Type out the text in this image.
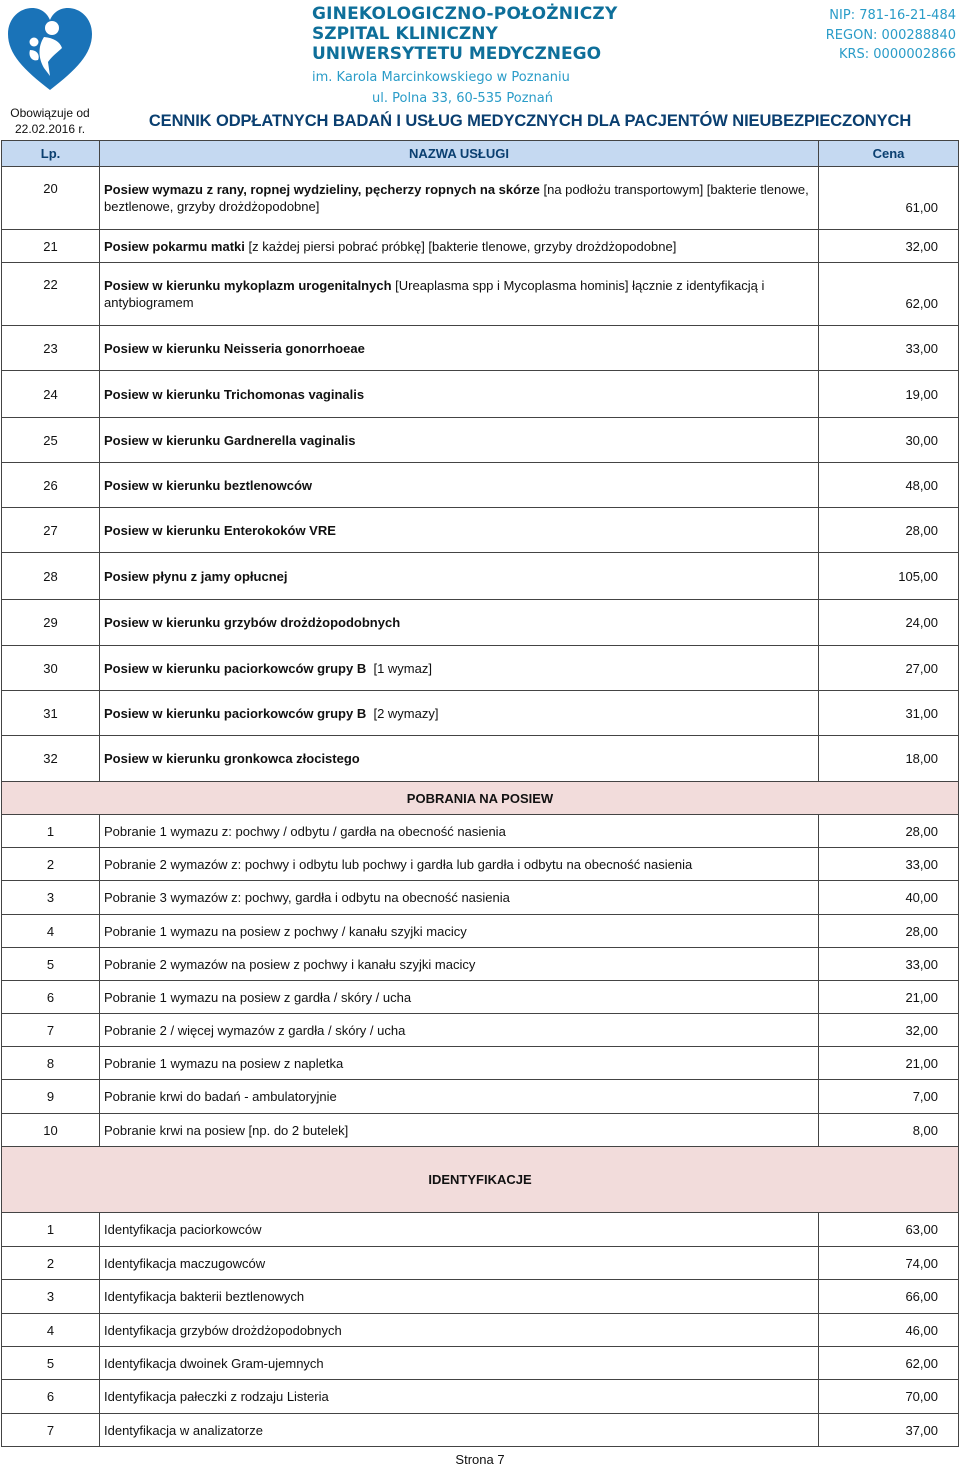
GINEKOLOGICZNO-POŁOŻNICZY
SZPITAL KLINICZNY
UNIWERSYTETU MEDYCZNEGO
im. Karola Marcinkowskiego w Poznaniu
ul. Polna 33, 60-535 Poznań
NIP: 781-16-21-484
REGON: 000288840
KRS: 0000002866
Obowiązuje od
22.02.2016 r.	CENNIK ODPŁATNYCH BADAŃ I USŁUG MEDYCZNYCH DLA PACJENTÓW NIEUBEZPIECZONYCH
Lp.	NAZWA USŁUGI	Cena
20	Posiew wymazu z rany, ropnej wydzieliny, pęcherzy ropnych na skórze [na podłożu transportowym] [bakterie tlenowe, beztlenowe, grzyby drożdżopodobne]	61,00
21	Posiew pokarmu matki [z każdej piersi pobrać próbkę] [bakterie tlenowe, grzyby drożdżopodobne]	32,00
22	Posiew w kierunku mykoplazm urogenitalnych [Ureaplasma spp i Mycoplasma hominis] łącznie z identyfikacją i antybiogramem	62,00
23	Posiew w kierunku Neisseria gonorrhoeae	33,00
24	Posiew w kierunku Trichomonas vaginalis	19,00
25	Posiew w kierunku Gardnerella vaginalis	30,00
26	Posiew w kierunku beztlenowców	48,00
27	Posiew w kierunku Enterokoków VRE	28,00
28	Posiew płynu z jamy opłucnej	105,00
29	Posiew w kierunku grzybów drożdżopodobnych	24,00
30	Posiew w kierunku paciorkowców grupy B  [1 wymaz]	27,00
31	Posiew w kierunku paciorkowców grupy B  [2 wymazy]	31,00
32	Posiew w kierunku gronkowca złocistego	18,00
POBRANIA NA POSIEW
1	Pobranie 1 wymazu z: pochwy / odbytu / gardła na obecność nasienia	28,00
2	Pobranie 2 wymazów z: pochwy i odbytu lub pochwy i gardła lub gardła i odbytu na obecność nasienia	33,00
3	Pobranie 3 wymazów z: pochwy, gardła i odbytu na obecność nasienia	40,00
4	Pobranie 1 wymazu na posiew z pochwy / kanału szyjki macicy	28,00
5	Pobranie 2 wymazów na posiew z pochwy i kanału szyjki macicy	33,00
6	Pobranie 1 wymazu na posiew z gardła / skóry / ucha	21,00
7	Pobranie 2 / więcej wymazów z gardła / skóry / ucha	32,00
8	Pobranie 1 wymazu na posiew z napletka	21,00
9	Pobranie krwi do badań - ambulatoryjnie	7,00
10	Pobranie krwi na posiew [np. do 2 butelek]	8,00
IDENTYFIKACJE
1	Identyfikacja paciorkowców	63,00
2	Identyfikacja maczugowców	74,00
3	Identyfikacja bakterii beztlenowych	66,00
4	Identyfikacja grzybów drożdżopodobnych	46,00
5	Identyfikacja dwoinek Gram-ujemnych	62,00
6	Identyfikacja pałeczki z rodzaju Listeria	70,00
7	Identyfikacja w analizatorze	37,00
Strona 7
